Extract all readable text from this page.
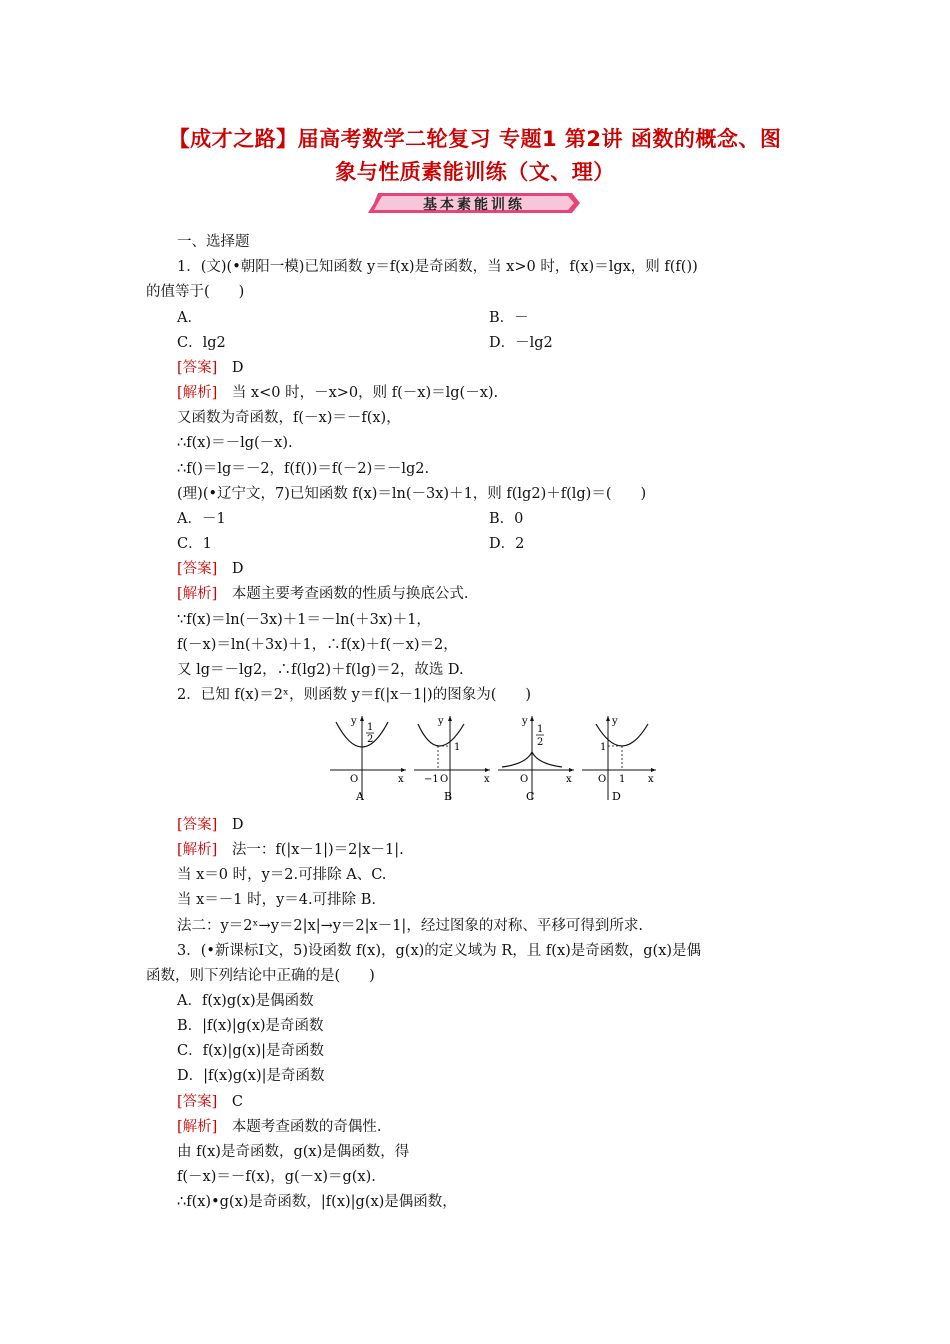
【成才之路】届高考数学二轮复习 专题1 第2讲 函数的概念、图
象与性质素能训练（文、理）
基本素能训练
一、选择题
1．(文)(•朝阳一模)已知函数 y＝f(x)是奇函数，当 x>0 时，f(x)＝lgx，则 f(f())
的值等于(　　)
A．	B．－
C．lg2	D．－lg2
[答案]　D
[解析]　当 x<0 时，－x>0，则 f(－x)＝lg(－x).
又函数为奇函数，f(－x)＝－f(x)，
∴f(x)＝－lg(－x).
∴f()＝lg＝－2，f(f())＝f(－2)＝－lg2.
(理)(•辽宁文，7)已知函数 f(x)＝ln(－3x)＋1，则 f(lg2)＋f(lg)＝(　　)
A．－1	B．0
C．1	D．2
[答案]　D
[解析]　本题主要考查函数的性质与换底公式.
∵f(x)＝ln(－3x)＋1＝－ln(＋3x)＋1，
f(－x)＝ln(＋3x)＋1，∴f(x)＋f(－x)＝2，
又 lg＝－lg2，∴f(lg2)＋f(lg)＝2，故选 D.
2．已知 f(x)＝2ˣ，则函数 y＝f(|x－1|)的图象为(　　)
[答案]　D
[解析]　法一：f(|x－1|)＝2|x－1|.
当 x＝0 时，y＝2.可排除 A、C.
当 x＝－1 时，y＝4.可排除 B.
法二：y＝2ˣ→y＝2|x|→y＝2|x－1|，经过图象的对称、平移可得到所求.
3．(•新课标Ⅰ文，5)设函数 f(x)，g(x)的定义域为 R，且 f(x)是奇函数，g(x)是偶
函数，则下列结论中正确的是(　　)
A．f(x)g(x)是偶函数
B．|f(x)|g(x)是奇函数
C．f(x)|g(x)|是奇函数
D．|f(x)g(x)|是奇函数
[答案]　C
[解析]　本题考查函数的奇偶性.
由 f(x)是奇函数，g(x)是偶函数，得
f(－x)＝－f(x)，g(－x)＝g(x).
∴f(x)•g(x)是奇函数，|f(x)|g(x)是偶函数，
y
1
2
O	x
A
y
1
−1 O	x
B
y
1
2
O	x
C
y
1
O 1 x
D
